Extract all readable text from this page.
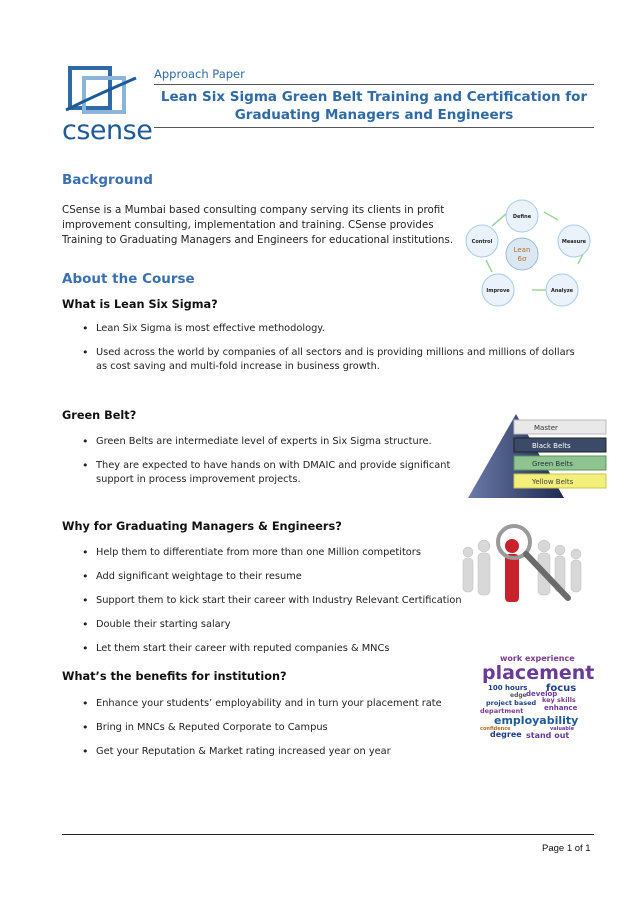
csense
Approach Paper
Lean Six Sigma Green Belt Training and Certification for Graduating Managers and Engineers
Background
CSense is a Mumbai based consulting company serving its clients in profit improvement consulting, implementation and training. CSense provides Training to Graduating Managers and Engineers for educational institutions.
Define
Measure
Analyze
Improve
Control
Lean
6σ
About the Course
What is Lean Six Sigma?
• Lean Six Sigma is most effective methodology.
• Used across the world by companies of all sectors and is providing millions and millions of dollars as cost saving and multi-fold increase in business growth.
Green Belt?
• Green Belts are intermediate level of experts in Six Sigma structure.
• They are expected to have hands on with DMAIC and provide significant support in process improvement projects.
Master
Black Belts
Green Belts
Yellow Belts
Why for Graduating Managers & Engineers?
• Help them to differentiate from more than one Million competitors
• Add significant weightage to their resume
• Support them to kick start their career with Industry Relevant Certification
• Double their starting salary
• Let them start their career with reputed companies & MNCs
What’s the benefits for institution?
• Enhance your students’ employability and in turn your placement rate
• Bring in MNCs & Reputed Corporate to Campus
• Get your Reputation & Market rating increased year on year
work experience
placement
100 hours focus
develop
edge
key skills
project based
enhance
department
employability
valuable
confidence
degree stand out
Page 1 of 1
